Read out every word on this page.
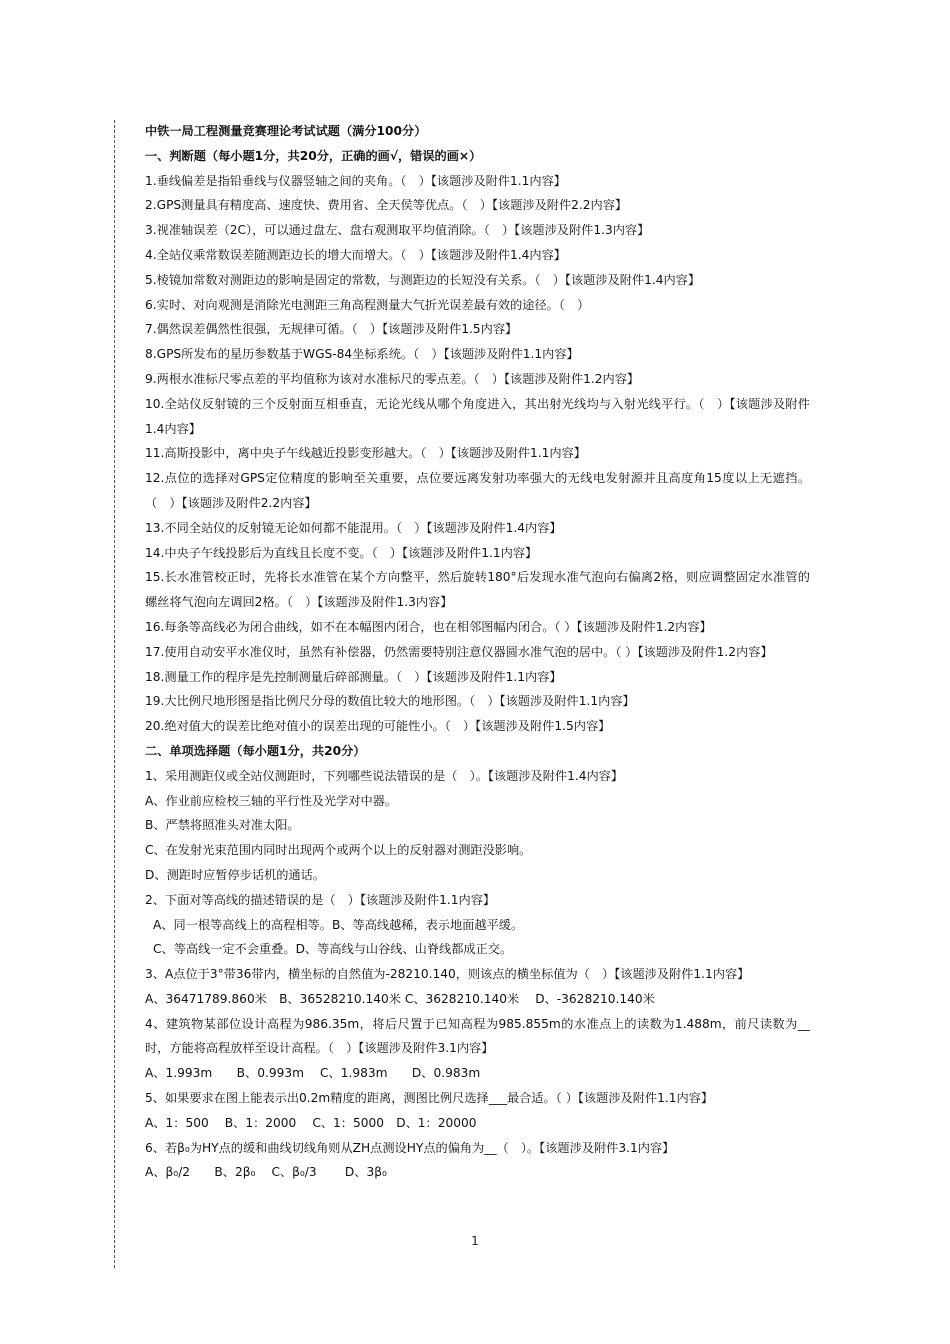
中铁一局工程测量竞赛理论考试试题（满分100分）

一、判断题（每小题1分，共20分，正确的画√，错误的画×）

1.垂线偏差是指铅垂线与仪器竖轴之间的夹角。（　）【该题涉及附件1.1内容】

2.GPS测量具有精度高、速度快、费用省、全天侯等优点。（　）【该题涉及附件2.2内容】

3.视准轴误差（2C），可以通过盘左、盘右观测取平均值消除。（　）【该题涉及附件1.3内容】

4.全站仪乘常数误差随测距边长的增大而增大。（　）【该题涉及附件1.4内容】

5.棱镜加常数对测距边的影响是固定的常数，与测距边的长短没有关系。（　）【该题涉及附件1.4内容】

6.实时、对向观测是消除光电测距三角高程测量大气折光误差最有效的途径。（　）

7.偶然误差偶然性很强，无规律可循。（　）【该题涉及附件1.5内容】

8.GPS所发布的星历参数基于WGS-84坐标系统。（　）【该题涉及附件1.1内容】

9.两根水准标尺零点差的平均值称为该对水准标尺的零点差。（　）【该题涉及附件1.2内容】

10.全站仪反射镜的三个反射面互相垂直，无论光线从哪个角度进入，其出射光线均与入射光线平行。（　）【该题涉及附件1.4内容】

11.高斯投影中，离中央子午线越近投影变形越大。（　）【该题涉及附件1.1内容】

12.点位的选择对GPS定位精度的影响至关重要，点位要远离发射功率强大的无线电发射源并且高度角15度以上无遮挡。（　）【该题涉及附件2.2内容】

13.不同全站仪的反射镜无论如何都不能混用。（　）【该题涉及附件1.4内容】

14.中央子午线投影后为直线且长度不变。（　）【该题涉及附件1.1内容】

15.长水准管校正时，先将长水准管在某个方向整平，然后旋转180°后发现水准气泡向右偏离2格，则应调整固定水准管的螺丝将气泡向左调回2格。（　）【该题涉及附件1.3内容】

16.每条等高线必为闭合曲线，如不在本幅图内闭合，也在相邻图幅内闭合。（ ）【该题涉及附件1.2内容】

17.使用自动安平水准仪时，虽然有补偿器，仍然需要特别注意仪器圆水准气泡的居中。（ ）【该题涉及附件1.2内容】

18.测量工作的程序是先控制测量后碎部测量。（　）【该题涉及附件1.1内容】

19.大比例尺地形图是指比例尺分母的数值比较大的地形图。（　）【该题涉及附件1.1内容】

20.绝对值大的误差比绝对值小的误差出现的可能性小。（　）【该题涉及附件1.5内容】

二、单项选择题（每小题1分，共20分）

1、采用测距仪或全站仪测距时，下列哪些说法错误的是（　）。【该题涉及附件1.4内容】

A、作业前应检校三轴的平行性及光学对中器。

B、严禁将照准头对准太阳。

C、在发射光束范围内同时出现两个或两个以上的反射器对测距没影响。

D、测距时应暂停步话机的通话。

2、下面对等高线的描述错误的是（　）【该题涉及附件1.1内容】

A、同一根等高线上的高程相等。B、等高线越稀，表示地面越平缓。

C、等高线一定不会重叠。D、等高线与山谷线、山脊线都成正交。

3、A点位于3°带36带内，横坐标的自然值为-28210.140，则该点的横坐标值为（　）【该题涉及附件1.1内容】

A、36471789.860米　B、36528210.140米 C、3628210.140米　 D、-3628210.140米

4、建筑物某部位设计高程为986.35m，将后尺置于已知高程为985.855m的水准点上的读数为1.488m，前尺读数为__时，方能将高程放样至设计高程。（　）【该题涉及附件3.1内容】

A、1.993m　　B、0.993m　 C、1.983m　　D、0.983m

5、如果要求在图上能表示出0.2m精度的距离，测图比例尺选择___最合适。（ ）【该题涉及附件1.1内容】

A、1：500　 B、1：2000　 C、1：5000　D、1：20000

6、若β₀为HY点的缓和曲线切线角则从ZH点测设HY点的偏角为__（　）。【该题涉及附件3.1内容】

A、β₀/2　　B、2β₀　 C、β₀/3　　 D、3β₀

1
